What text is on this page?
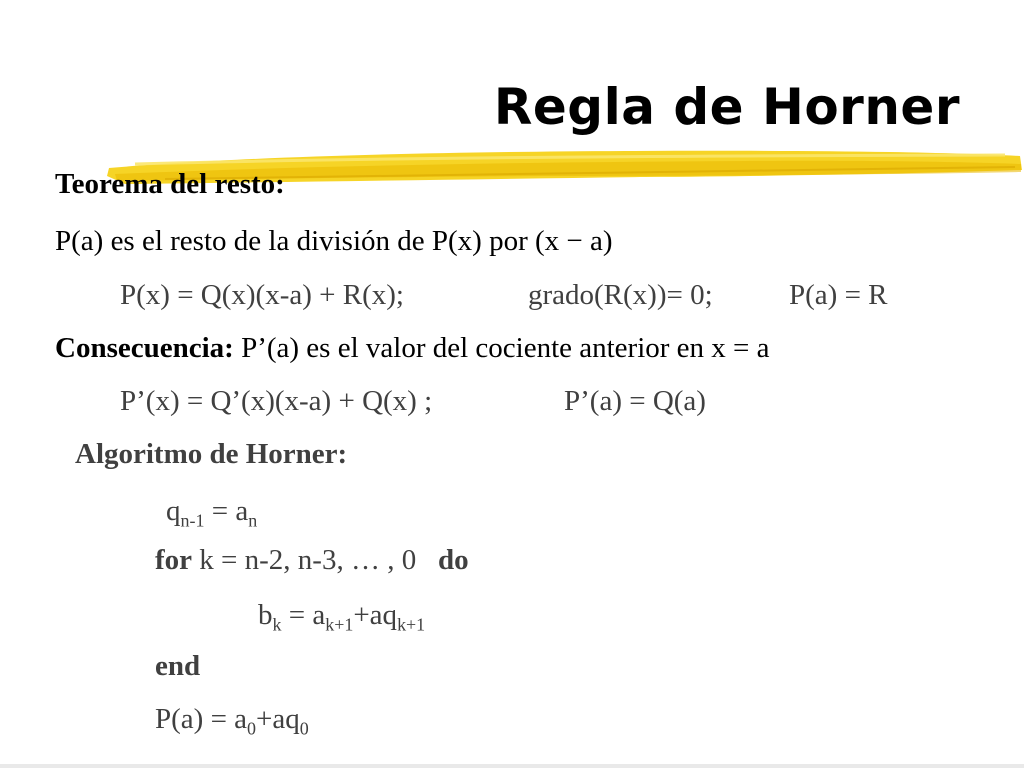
Regla de Horner
Teorema del resto:
P(a) es el resto de la división de P(x) por (x − a)
P(x) = Q(x)(x-a) + R(x);	grado(R(x))= 0;	P(a) = R
Consecuencia: P’(a) es el valor del cociente anterior en x = a
P’(x) = Q’(x)(x-a) + Q(x) ;	P’(a) = Q(a)
Algoritmo de Horner:
$q_{n-1} = a_n$
for k = n-2, n-3, … , 0 do
$b_k = a_{k+1}+aq_{k+1}$
end
$P(a) = a_0+aq_0$
